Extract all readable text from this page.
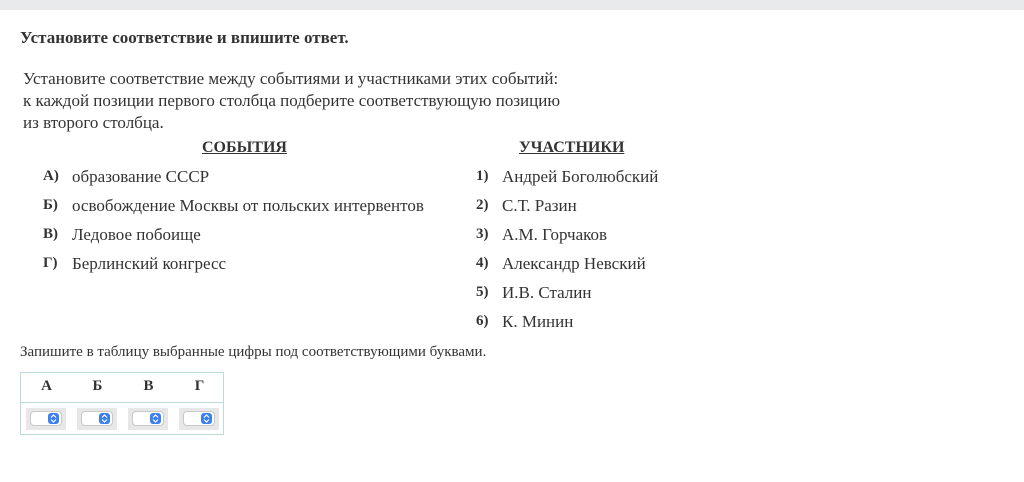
Установите соответствие и впишите ответ.
Установите соответствие между событиями и участниками этих событий:
к каждой позиции первого столбца подберите соответствующую позицию
из второго столбца.
СОБЫТИЯ	УЧАСТНИКИ
А) образование СССР
Б) освобождение Москвы от польских интервентов
В) Ледовое побоище
Г) Берлинский конгресс
1) Андрей Боголюбский
2) С.Т. Разин
3) А.М. Горчаков
4) Александр Невский
5) И.В. Сталин
6) К. Минин
Запишите в таблицу выбранные цифры под соответствующими буквами.
А	Б	В	Г
